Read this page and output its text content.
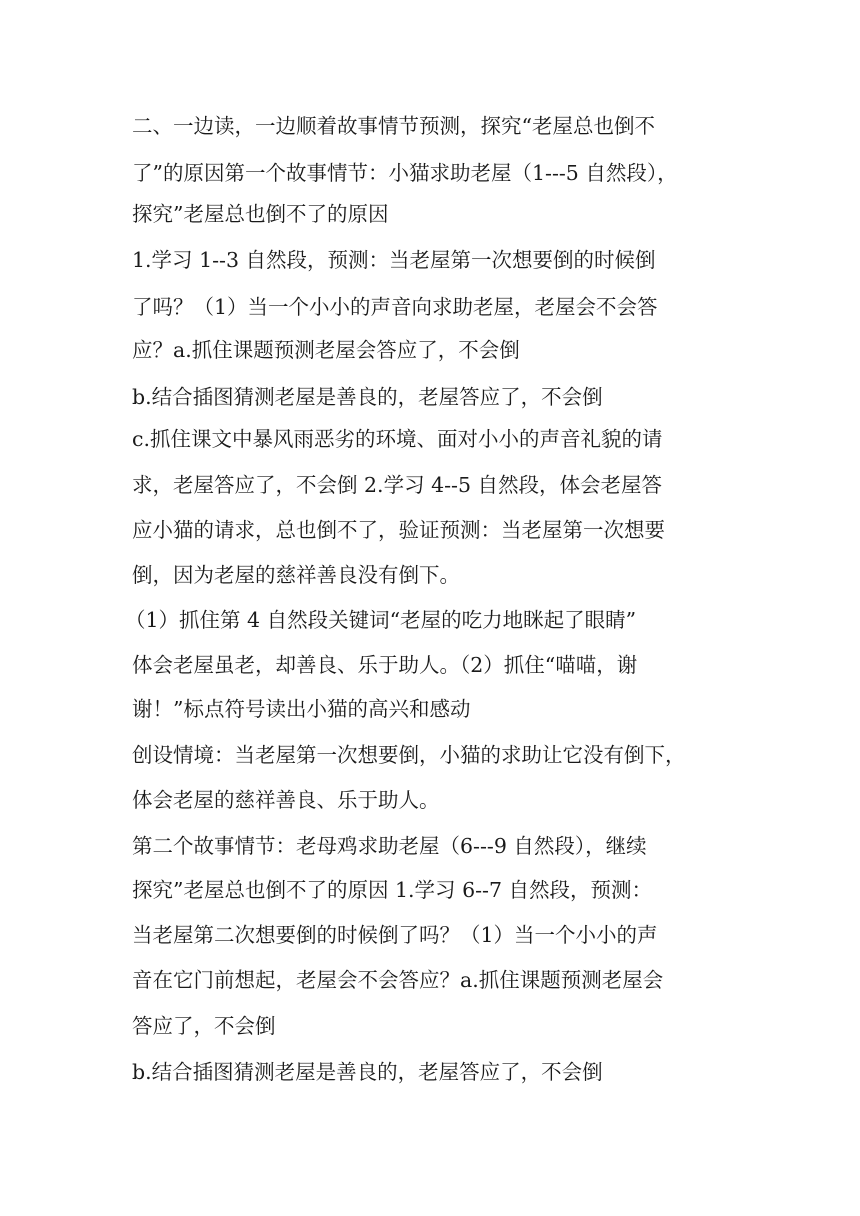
二、一边读，一边顺着故事情节预测，探究“老屋总也倒不
了”的原因第一个故事情节：小猫求助老屋（1---5 自然段），
探究”老屋总也倒不了的原因
1.学习 1--3 自然段，预测：当老屋第一次想要倒的时候倒
了吗？（1）当一个小小的声音向求助老屋，老屋会不会答
应？a.抓住课题预测老屋会答应了，不会倒
b.结合插图猜测老屋是善良的，老屋答应了，不会倒
c.抓住课文中暴风雨恶劣的环境、面对小小的声音礼貌的请
求，老屋答应了，不会倒 2.学习 4--5 自然段，体会老屋答
应小猫的请求，总也倒不了，验证预测：当老屋第一次想要
倒，因为老屋的慈祥善良没有倒下。
（1）抓住第 4 自然段关键词“老屋的吃力地眯起了眼睛”
体会老屋虽老，却善良、乐于助人。（2）抓住“喵喵，谢
谢！”标点符号读出小猫的高兴和感动
创设情境：当老屋第一次想要倒，小猫的求助让它没有倒下，
体会老屋的慈祥善良、乐于助人。
第二个故事情节：老母鸡求助老屋（6---9 自然段），继续
探究”老屋总也倒不了的原因 1.学习 6--7 自然段，预测：
当老屋第二次想要倒的时候倒了吗？（1）当一个小小的声
音在它门前想起，老屋会不会答应？a.抓住课题预测老屋会
答应了，不会倒
b.结合插图猜测老屋是善良的，老屋答应了，不会倒
